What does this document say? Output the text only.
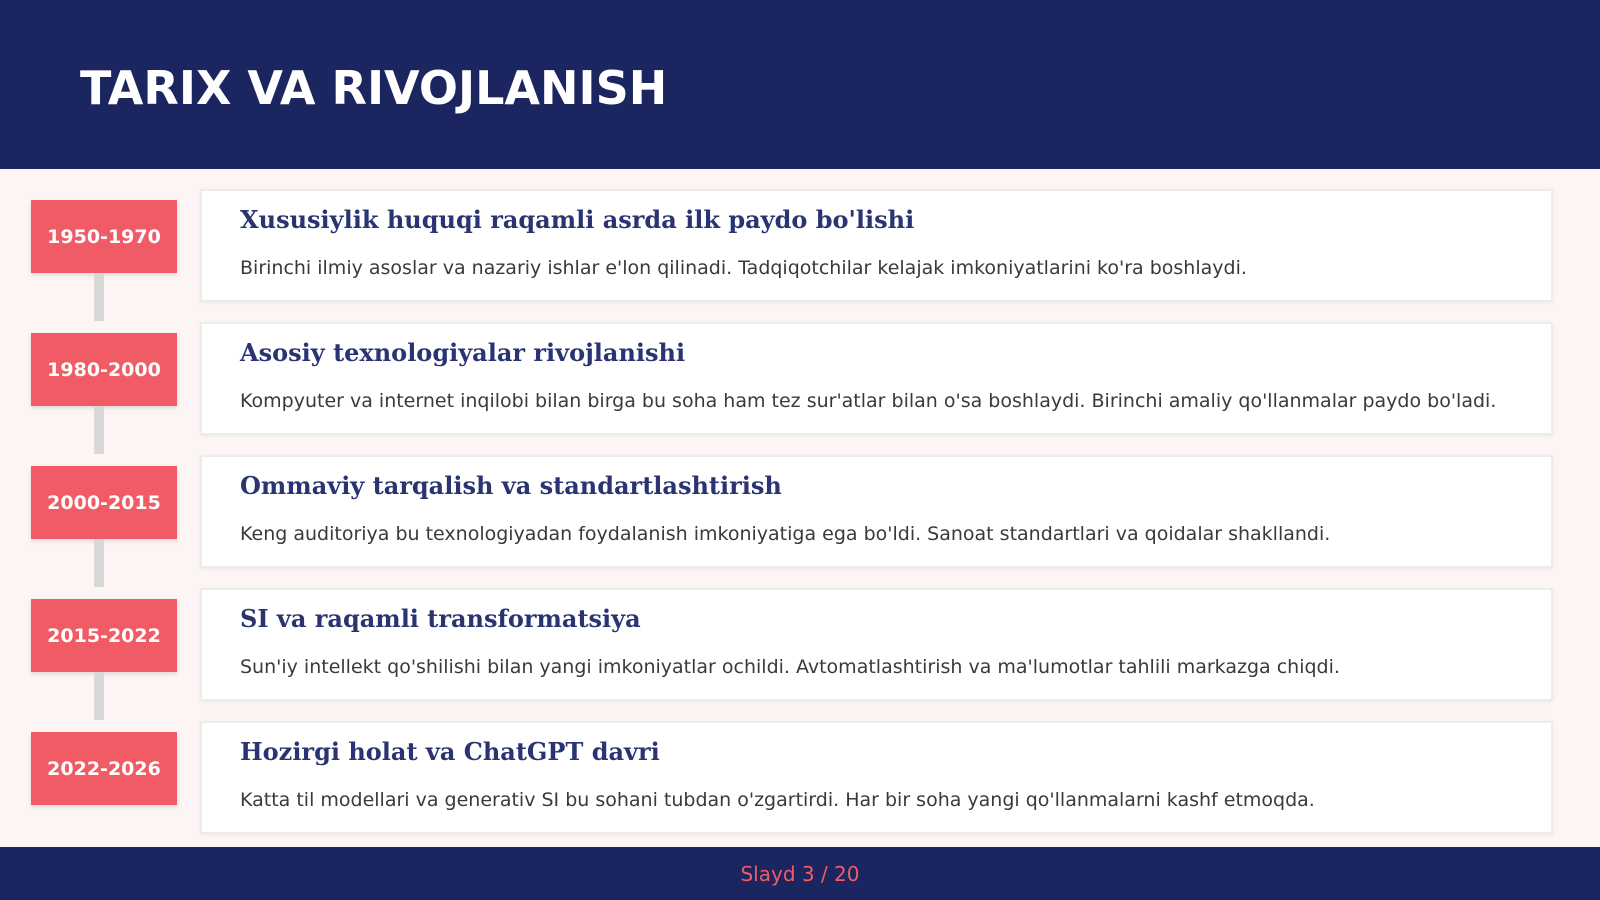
TARIX VA RIVOJLANISH
1950-1970
Xususiylik huquqi raqamli asrda ilk paydo bo'lishi
Birinchi ilmiy asoslar va nazariy ishlar e'lon qilinadi. Tadqiqotchilar kelajak imkoniyatlarini ko'ra boshlaydi.
1980-2000
Asosiy texnologiyalar rivojlanishi
Kompyuter va internet inqilobi bilan birga bu soha ham tez sur'atlar bilan o'sa boshlaydi. Birinchi amaliy qo'llanmalar paydo bo'ladi.
2000-2015
Ommaviy tarqalish va standartlashtirish
Keng auditoriya bu texnologiyadan foydalanish imkoniyatiga ega bo'ldi. Sanoat standartlari va qoidalar shakllandi.
2015-2022
SI va raqamli transformatsiya
Sun'iy intellekt qo'shilishi bilan yangi imkoniyatlar ochildi. Avtomatlashtirish va ma'lumotlar tahlili markazga chiqdi.
2022-2026
Hozirgi holat va ChatGPT davri
Katta til modellari va generativ SI bu sohani tubdan o'zgartirdi. Har bir soha yangi qo'llanmalarni kashf etmoqda.
Slayd 3 / 20
